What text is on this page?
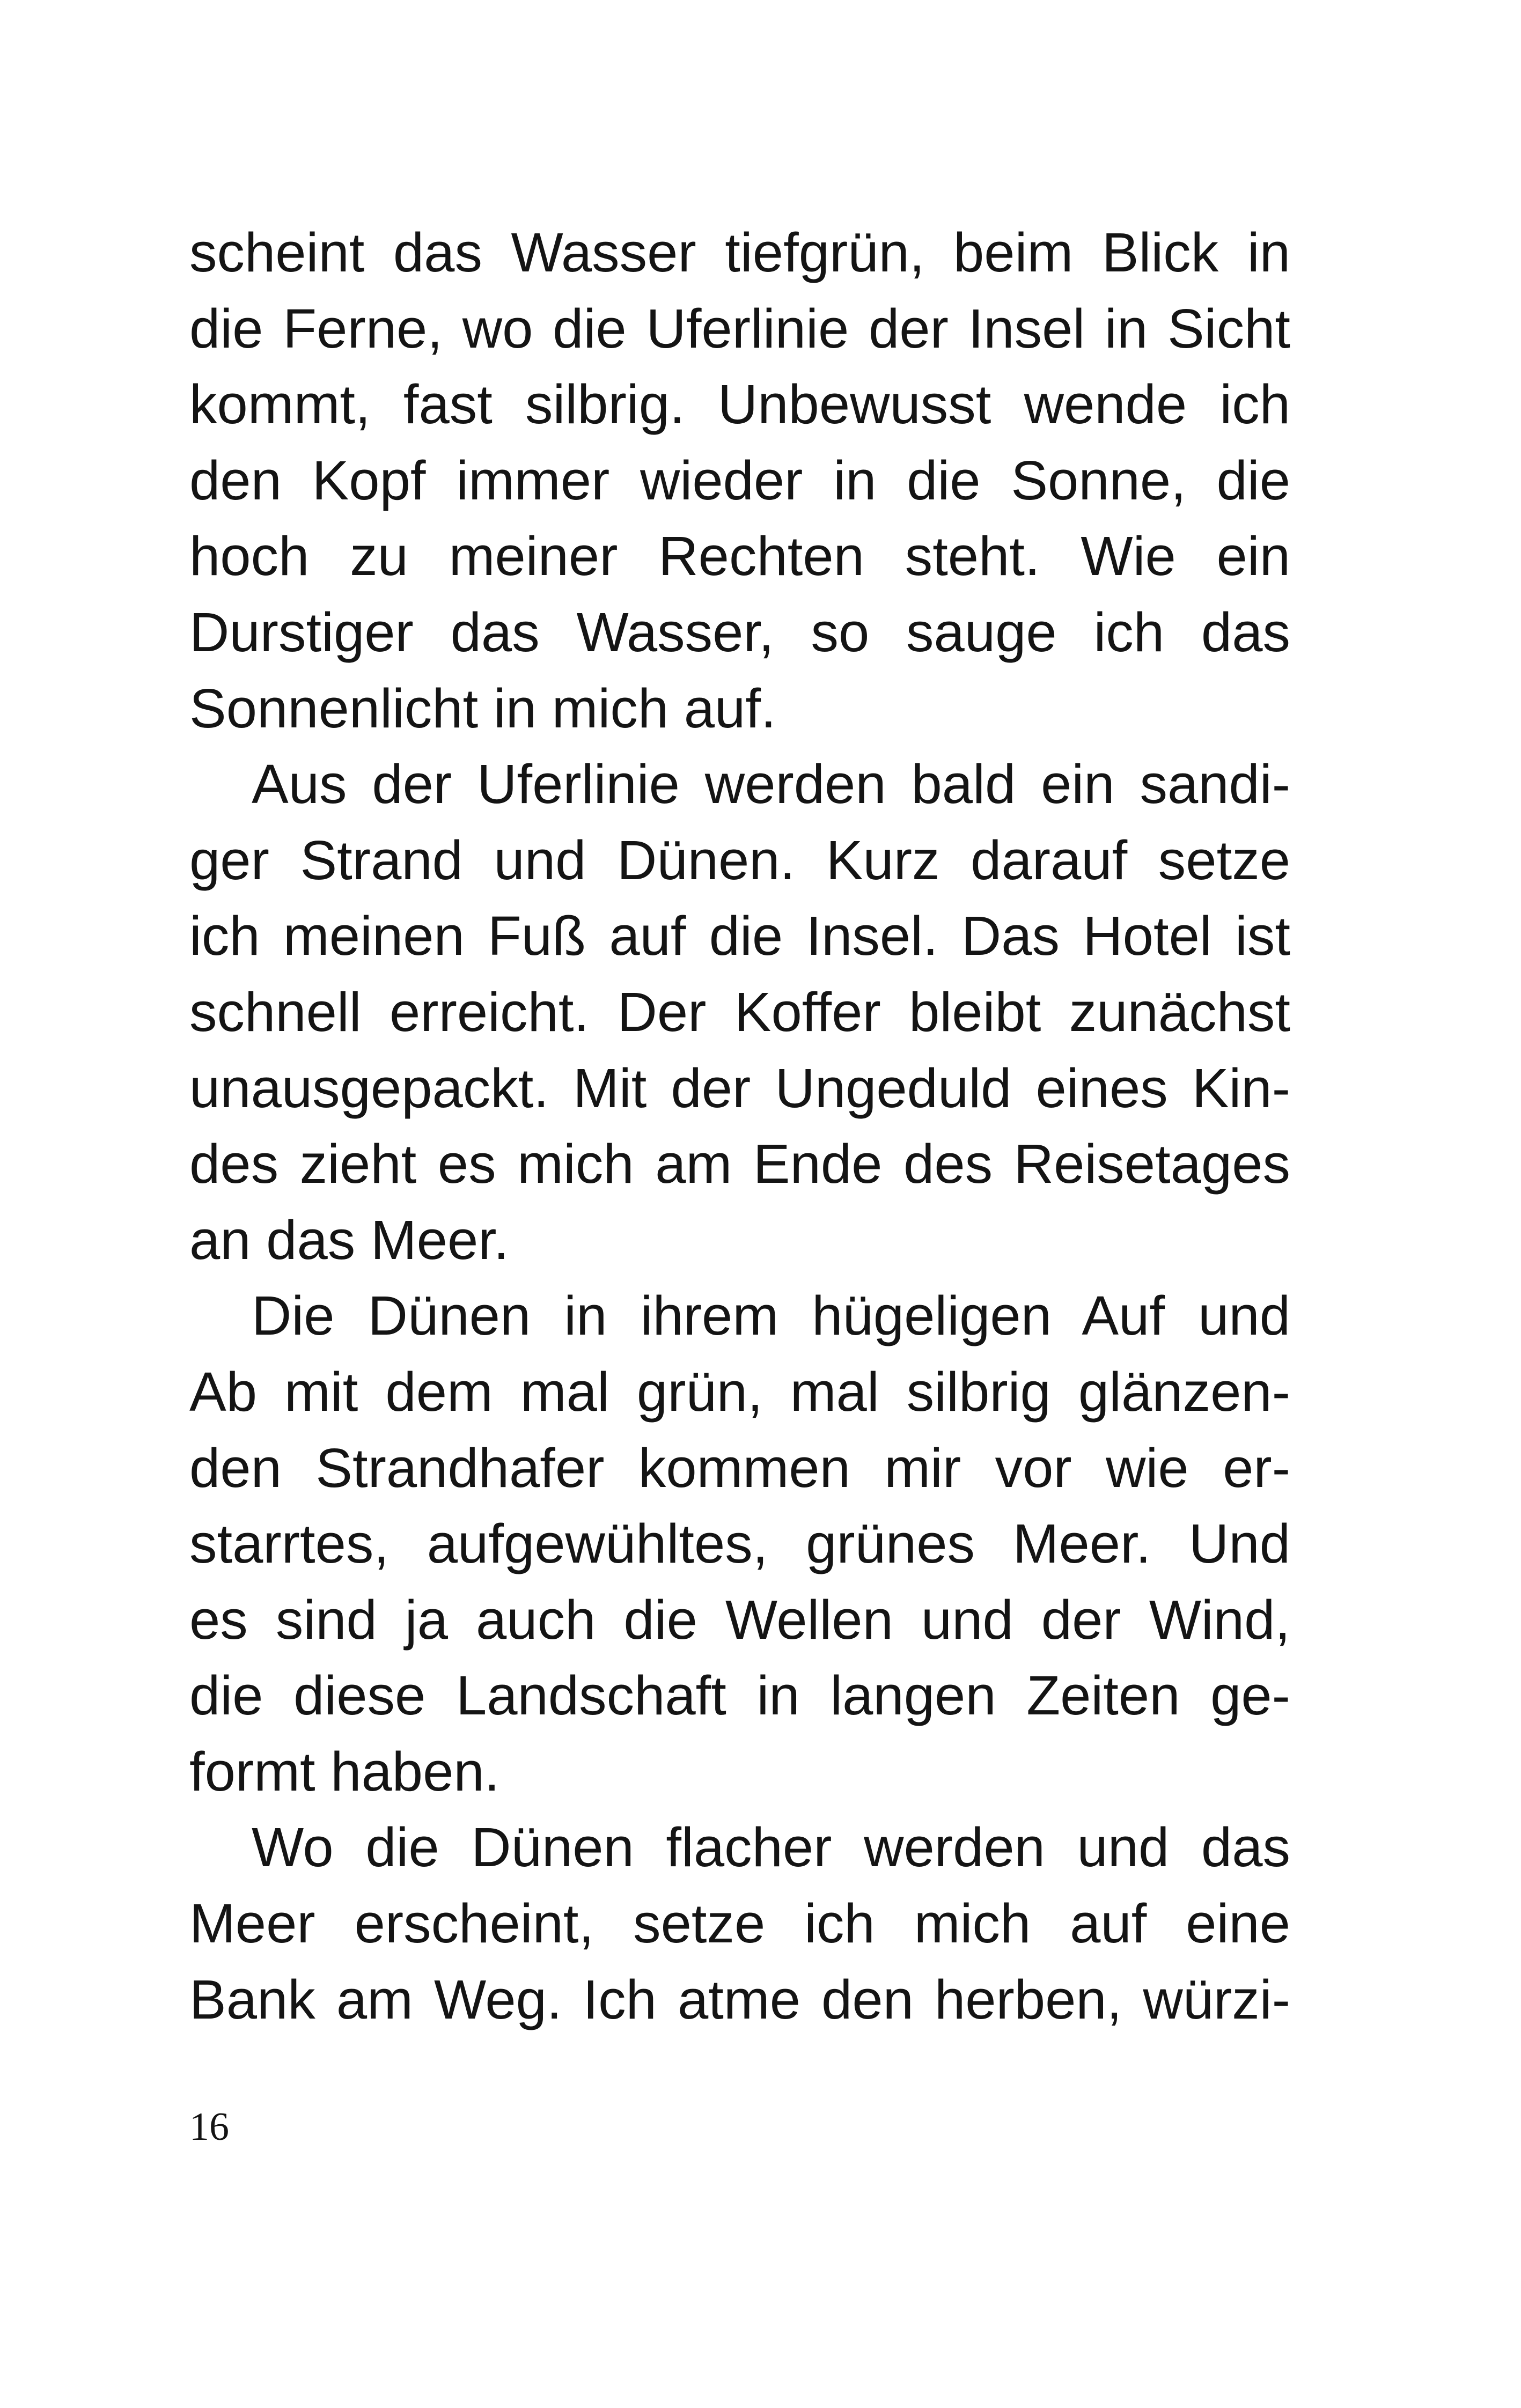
scheint das Wasser tiefgrün, beim Blick in
die Ferne, wo die Uferlinie der Insel in Sicht
kommt, fast silbrig. Unbewusst wende ich
den Kopf immer wieder in die Sonne, die
hoch zu meiner Rechten steht. Wie ein
Durstiger das Wasser, so sauge ich das
Sonnenlicht in mich auf.
Aus der Uferlinie werden bald ein sandi-
ger Strand und Dünen. Kurz darauf setze
ich meinen Fuß auf die Insel. Das Hotel ist
schnell erreicht. Der Koffer bleibt zunächst
unausgepackt. Mit der Ungeduld eines Kin-
des zieht es mich am Ende des Reisetages
an das Meer.
Die Dünen in ihrem hügeligen Auf und
Ab mit dem mal grün, mal silbrig glänzen-
den Strandhafer kommen mir vor wie er-
starrtes, aufgewühltes, grünes Meer. Und
es sind ja auch die Wellen und der Wind,
die diese Landschaft in langen Zeiten ge-
formt haben.
Wo die Dünen flacher werden und das
Meer erscheint, setze ich mich auf eine
Bank am Weg. Ich atme den herben, würzi-
16
